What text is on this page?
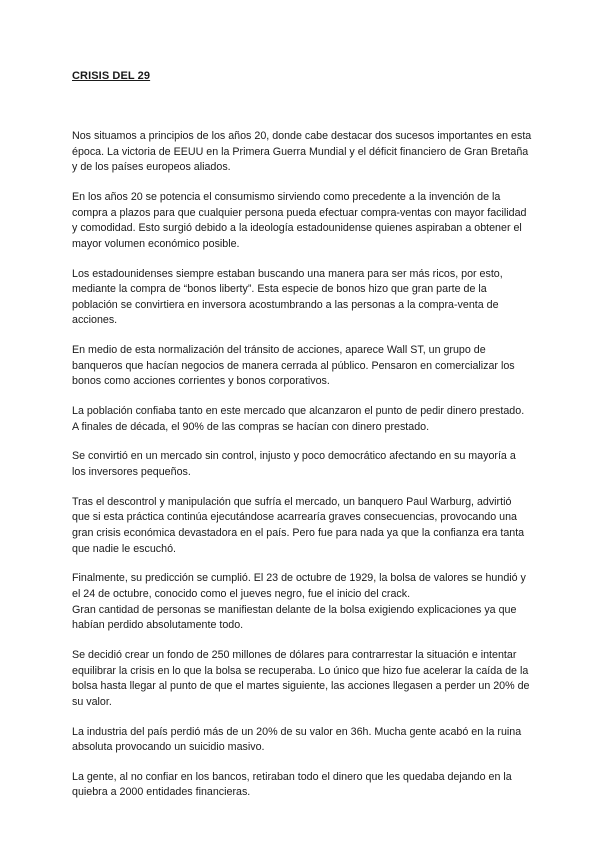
CRISIS DEL 29

Nos situamos a principios de los años 20, donde cabe destacar dos sucesos importantes en esta época. La victoria de EEUU en la Primera Guerra Mundial y el déficit financiero de Gran Bretaña y de los países europeos aliados.

En los años 20 se potencia el consumismo sirviendo como precedente a la invención de la compra a plazos para que cualquier persona pueda efectuar compra-ventas con mayor facilidad y comodidad. Esto surgió debido a la ideología estadounidense quienes aspiraban a obtener el mayor volumen económico posible.

Los estadounidenses siempre estaban buscando una manera para ser más ricos, por esto, mediante la compra de “bonos liberty”. Esta especie de bonos hizo que gran parte de la población se convirtiera en inversora acostumbrando a las personas a la compra-venta de acciones.

En medio de esta normalización del tránsito de acciones, aparece Wall ST, un grupo de banqueros que hacían negocios de manera cerrada al público. Pensaron en comercializar los bonos como acciones corrientes y bonos corporativos.

La población confiaba tanto en este mercado que alcanzaron el punto de pedir dinero prestado. A finales de década, el 90% de las compras se hacían con dinero prestado.

Se convirtió en un mercado sin control, injusto y poco democrático afectando en su mayoría a los inversores pequeños.

Tras el descontrol y manipulación que sufría el mercado, un banquero Paul Warburg, advirtió que si esta práctica continúa ejecutándose acarrearía graves consecuencias, provocando una gran crisis económica devastadora en el país. Pero fue para nada ya que la confianza era tanta que nadie le escuchó.

Finalmente, su predicción se cumplió. El 23 de octubre de 1929, la bolsa de valores se hundió y el 24 de octubre, conocido como el jueves negro, fue el inicio del crack.
Gran cantidad de personas se manifiestan delante de la bolsa exigiendo explicaciones ya que habían perdido absolutamente todo.

Se decidió crear un fondo de 250 millones de dólares para contrarrestar la situación e intentar equilibrar la crisis en lo que la bolsa se recuperaba. Lo único que hizo fue acelerar la caída de la bolsa hasta llegar al punto de que el martes siguiente, las acciones llegasen a perder un 20% de su valor.

La industria del país perdió más de un 20% de su valor en 36h. Mucha gente acabó en la ruina absoluta provocando un suicidio masivo.

La gente, al no confiar en los bancos, retiraban todo el dinero que les quedaba dejando en la quiebra a 2000 entidades financieras.
